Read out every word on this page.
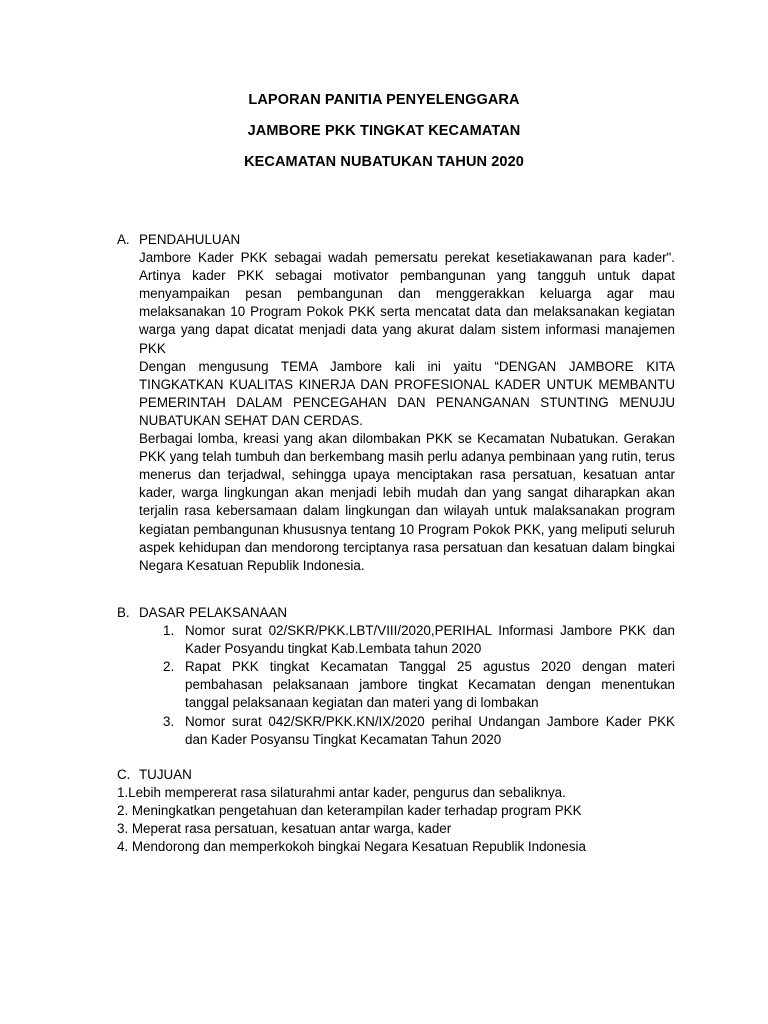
LAPORAN PANITIA PENYELENGGARA
JAMBORE PKK TINGKAT KECAMATAN
KECAMATAN NUBATUKAN TAHUN 2020
A. PENDAHULUAN

Jambore Kader PKK sebagai wadah pemersatu perekat kesetiakawanan para kader". Artinya kader PKK sebagai motivator pembangunan yang tangguh untuk dapat menyampaikan pesan pembangunan dan menggerakkan keluarga agar mau melaksanakan 10 Program Pokok PKK serta mencatat data dan melaksanakan kegiatan warga yang dapat dicatat menjadi data yang akurat dalam sistem informasi manajemen PKK

Dengan mengusung TEMA Jambore kali ini yaitu “DENGAN JAMBORE KITA TINGKATKAN KUALITAS KINERJA DAN PROFESIONAL KADER UNTUK MEMBANTU PEMERINTAH DALAM PENCEGAHAN DAN PENANGANAN STUNTING MENUJU NUBATUKAN SEHAT DAN CERDAS.

Berbagai lomba, kreasi yang akan dilombakan PKK se Kecamatan Nubatukan. Gerakan PKK yang telah tumbuh dan berkembang masih perlu adanya pembinaan yang rutin, terus menerus dan terjadwal, sehingga upaya menciptakan rasa persatuan, kesatuan antar kader, warga lingkungan akan menjadi lebih mudah dan yang sangat diharapkan akan terjalin rasa kebersamaan dalam lingkungan dan wilayah untuk malaksanakan program kegiatan pembangunan khususnya tentang 10 Program Pokok PKK, yang meliputi seluruh aspek kehidupan dan mendorong terciptanya rasa persatuan dan kesatuan dalam bingkai Negara Kesatuan Republik Indonesia.

B. DASAR PELAKSANAAN
1. Nomor surat 02/SKR/PKK.LBT/VIII/2020,PERIHAL Informasi Jambore PKK dan Kader Posyandu tingkat Kab.Lembata tahun 2020
2. Rapat PKK tingkat Kecamatan Tanggal 25 agustus 2020 dengan materi pembahasan pelaksanaan jambore tingkat Kecamatan dengan menentukan tanggal pelaksanaan kegiatan dan materi yang di lombakan
3. Nomor surat 042/SKR/PKK.KN/IX/2020 perihal Undangan Jambore Kader PKK dan Kader Posyansu Tingkat Kecamatan Tahun 2020
C. TUJUAN
1.Lebih mempererat rasa silaturahmi antar kader, pengurus dan sebaliknya.
2. Meningkatkan pengetahuan dan keterampilan kader terhadap program PKK
3. Meperat rasa persatuan, kesatuan antar warga, kader
4. Mendorong dan memperkokoh bingkai Negara Kesatuan Republik Indonesia
